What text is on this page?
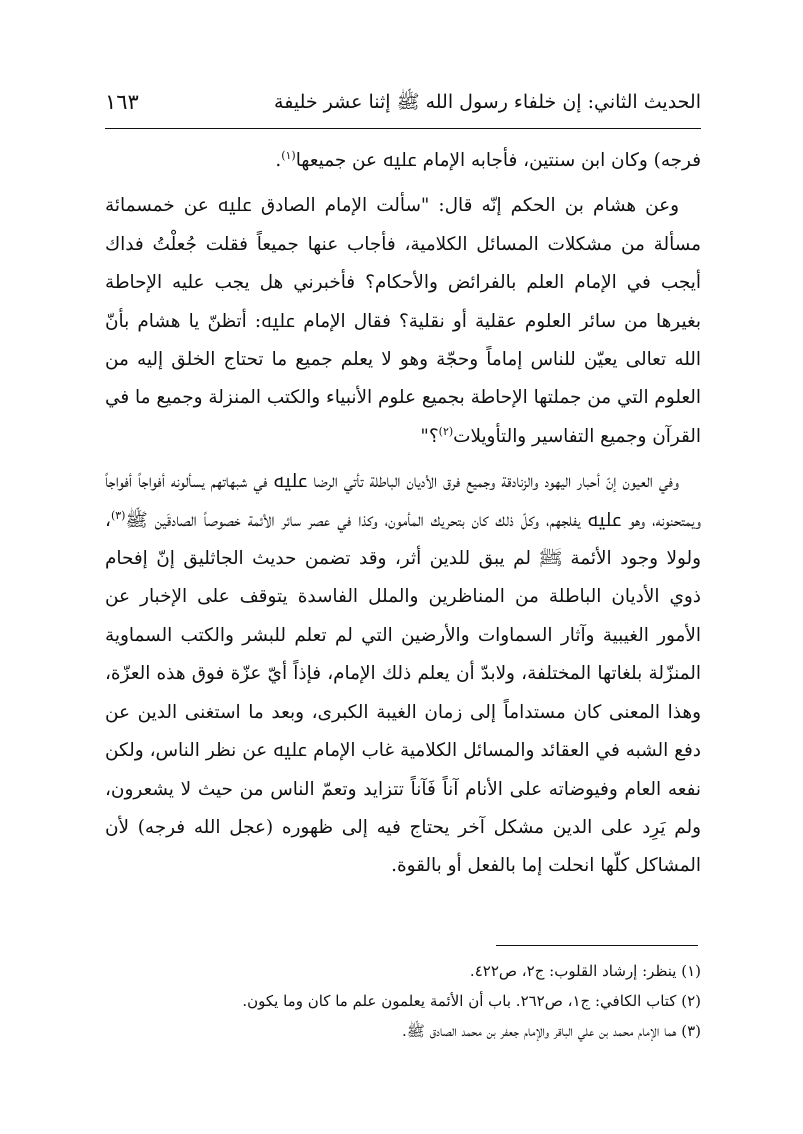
الحديث الثاني: إن خلفاء رسول الله ﷺ إثنا عشر خليفة
١٦٣

فرجه) وكان ابن سنتين، فأجابه الإمام ﷷ عن جميعها$^{(١)}$.

وعن هشام بن الحكم إنّه قال: "سألت الإمام الصادق ﷷ عن خمسمائة مسألة من مشكلات المسائل الكلامية، فأجاب عنها جميعاً فقلت جُعلْتُ فداك أيجب في الإمام العلم بالفرائض والأحكام؟ فأخبرني هل يجب عليه الإحاطة بغيرها من سائر العلوم عقلية أو نقلية؟ فقال الإمام ﷷ: أتظنّ يا هشام بأنّ الله تعالى يعيّن للناس إماماً وحجّة وهو لا يعلم جميع ما تحتاج الخلق إليه من العلوم التي من جملتها الإحاطة بجميع علوم الأنبياء والكتب المنزلة وجميع ما في القرآن وجميع التفاسير والتأويلات$^{(٢)}$؟"

وفي العيون إنّ أحبار اليهود والزنادقة وجميع فرق الأديان الباطلة تأتي الرضا ﷷ في شبهاتهم يسألونه أفواجاً أفواجاً ويمتحنونه، وهو ﷷ يفلجهم، وكلّ ذلك كان بتحريك المأمون، وكذا في عصر سائر الأئمة خصوصاً الصادقَين ﷺ$^{(٣)}$، ولولا وجود الأئمة ﷺ لم يبق للدين أثر، وقد تضمن حديث الجاثليق إنّ إفحام ذوي الأديان الباطلة من المناظرين والملل الفاسدة يتوقف على الإخبار عن الأمور الغيبية وآثار السماوات والأرضين التي لم تعلم للبشر والكتب السماوية المنزّلة بلغاتها المختلفة، ولابدّ أن يعلم ذلك الإمام، فإذاً أيّ عزّة فوق هذه العزّة، وهذا المعنى كان مستداماً إلى زمان الغيبة الكبرى، وبعد ما استغنى الدين عن دفع الشبه في العقائد والمسائل الكلامية غاب الإمام ﷷ عن نظر الناس، ولكن نفعه العام وفيوضاته على الأنام آناً فَآناً تتزايد وتعمّ الناس من حيث لا يشعرون، ولم يَرِد على الدين مشكل آخر يحتاج فيه إلى ظهوره (عجل الله فرجه) لأن المشاكل كلّها انحلت إما بالفعل أو بالقوة.

(١) ينظر: إرشاد القلوب: ج٢، ص٤٢٢.
(٢) كتاب الكافي: ج١، ص٢٦٢. باب أن الأئمة يعلمون علم ما كان وما يكون.
(٣) هما الإمام محمد بن علي الباقر والإمام جعفر بن محمد الصادق ﷺ.
